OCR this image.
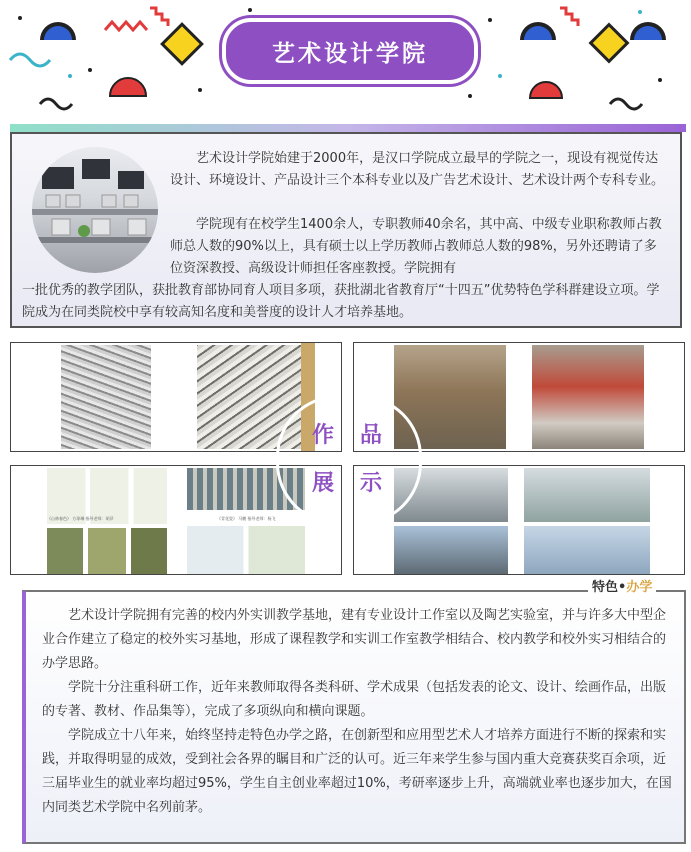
艺术设计学院

艺术设计学院始建于2000年，是汉口学院成立最早的学院之一，现设有视觉传达设计、环境设计、产品设计三个本科专业以及广告艺术设计、艺术设计两个专科专业。

学院现有在校学生1400余人，专职教师40余名，其中高、中级专业职称教师占教师总人数的90%以上，具有硕士以上学历教师占教师总人数的98%，另外还聘请了多位资深教授、高级设计师担任客座教授。学院拥有

一批优秀的教学团队，获批教育部协同育人项目多项，获批湖北省教育厅“十四五”优势特色学科群建设立项。学院成为在同类院校中享有较高知名度和美誉度的设计人才培养基地。

《山林春色》 方琼琳 指导老师：胡萍	《青花瓷》 马鹏 指导老师：杨飞
作 品
展 示

艺术设计学院拥有完善的校内外实训教学基地，建有专业设计工作室以及陶艺实验室，并与许多大中型企业合作建立了稳定的校外实习基地，形成了课程教学和实训工作室教学相结合、校内教学和校外实习相结合的办学思路。

学院十分注重科研工作，近年来教师取得各类科研、学术成果（包括发表的论文、设计、绘画作品，出版的专著、教材、作品集等），完成了多项纵向和横向课题。

学院成立十八年来，始终坚持走特色办学之路，在创新型和应用型艺术人才培养方面进行不断的探索和实践，并取得明显的成效，受到社会各界的瞩目和广泛的认可。近三年来学生参与国内重大竞赛获奖百余项，近三届毕业生的就业率均超过95%，学生自主创业率超过10%，考研率逐步上升，高端就业率也逐步加大，在国内同类艺术学院中名列前茅。

特色•办学
